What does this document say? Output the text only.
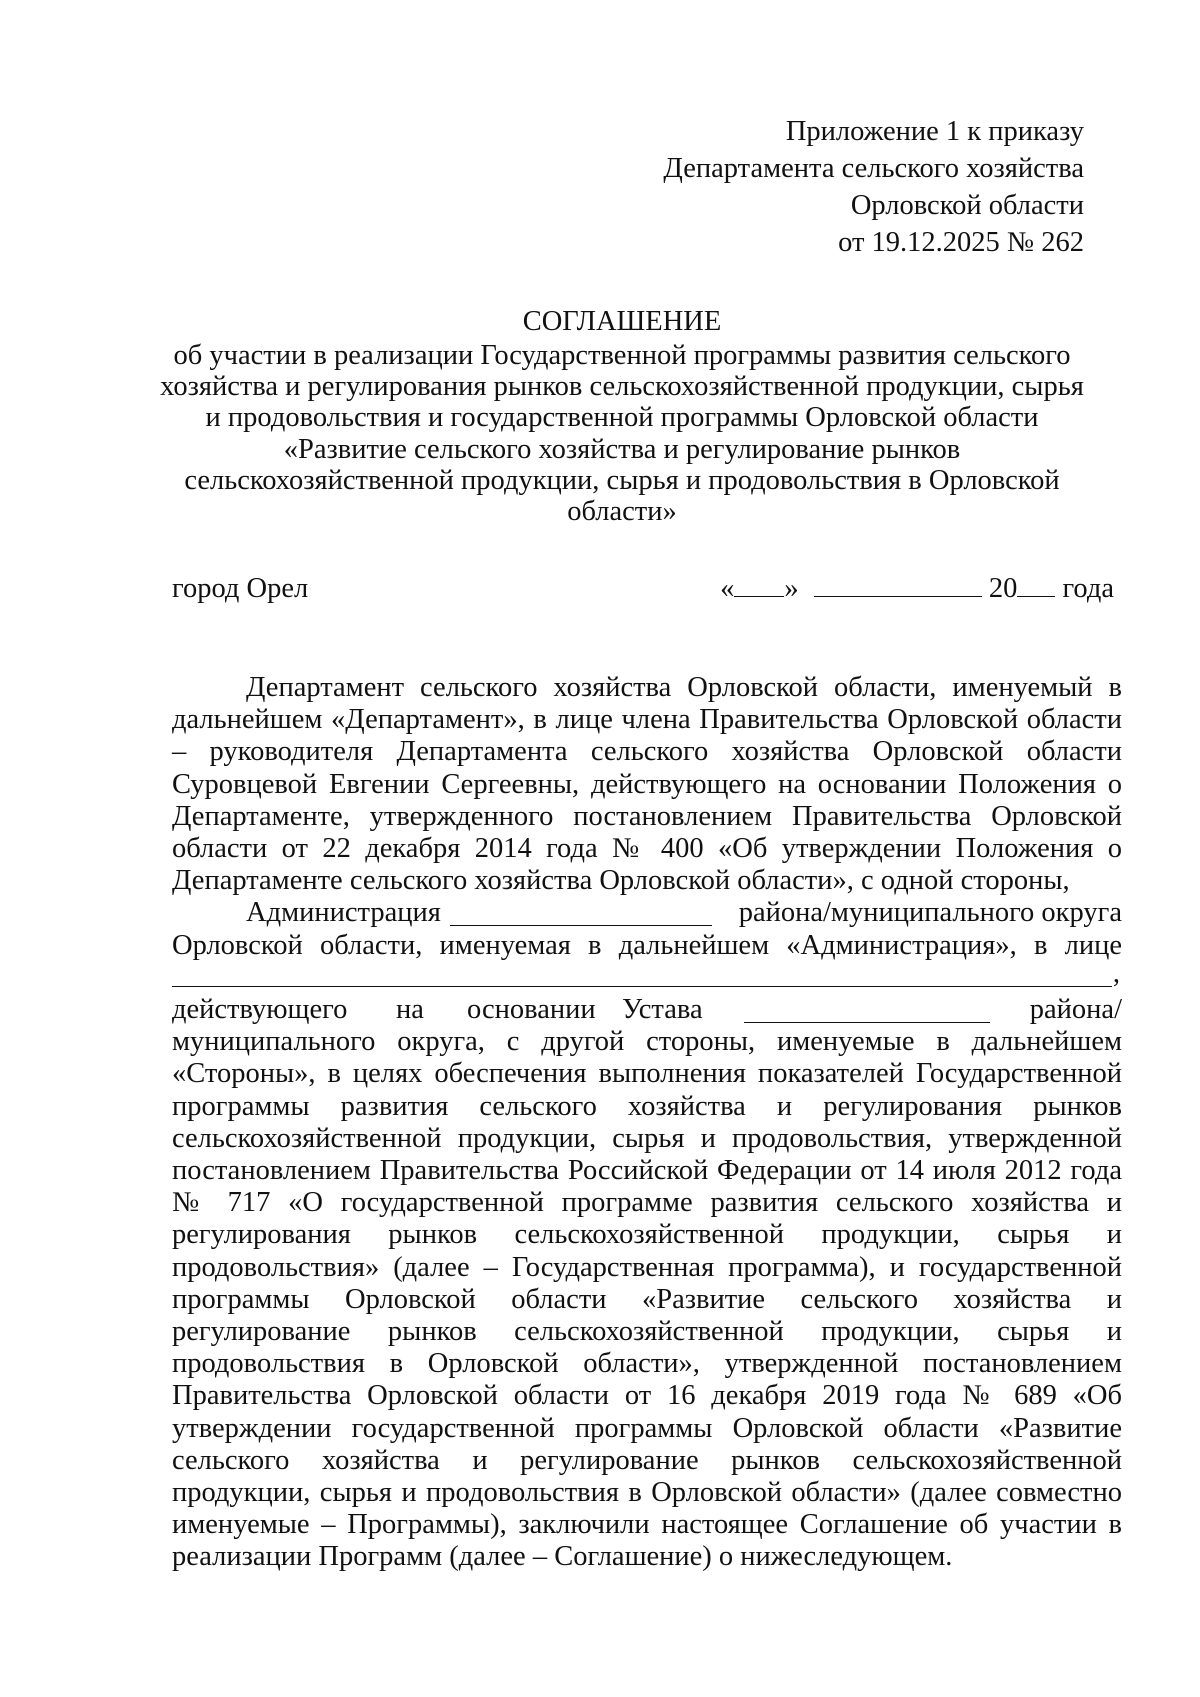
Приложение 1 к приказу
Департамента сельского хозяйства
Орловской области
от 19.12.2025 № 262
СОГЛАШЕНИЕ
об участии в реализации Государственной программы развития сельского
хозяйства и регулирования рынков сельскохозяйственной продукции, сырья
и продовольствия и государственной программы Орловской области
«Развитие сельского хозяйства и регулирование рынков
сельскохозяйственной продукции, сырья и продовольствия в Орловской
области»
город Орел	« »	20 года

Департамент сельского хозяйства Орловской области, именуемый в дальнейшем «Департамент», в лице члена Правительства Орловской области – руководителя Департамента сельского хозяйства Орловской области Суровцевой Евгении Сергеевны, действующего на основании Положения о Департаменте, утвержденного постановлением Правительства Орловской области от 22 декабря 2014 года № 400 «Об утверждении Положения о Департаменте сельского хозяйства Орловской области», с одной стороны,

Администрация	района/муниципального округа
Орловской области, именуемая в дальнейшем «Администрация», в лице
,
действующего на основании Устава	района/

муниципального округа, с другой стороны, именуемые в дальнейшем «Стороны», в целях обеспечения выполнения показателей Государственной программы развития сельского хозяйства и регулирования рынков сельскохозяйственной продукции, сырья и продовольствия, утвержденной постановлением Правительства Российской Федерации от 14 июля 2012 года № 717 «О государственной программе развития сельского хозяйства и регулирования рынков сельскохозяйственной продукции, сырья и продовольствия» (далее – Государственная программа), и государственной программы Орловской области «Развитие сельского хозяйства и регулирование рынков сельскохозяйственной продукции, сырья и продовольствия в Орловской области», утвержденной постановлением Правительства Орловской области от 16 декабря 2019 года № 689 «Об утверждении государственной программы Орловской области «Развитие сельского хозяйства и регулирование рынков сельскохозяйственной продукции, сырья и продовольствия в Орловской области» (далее совместно именуемые – Программы), заключили настоящее Соглашение об участии в реализации Программ (далее – Соглашение) о нижеследующем.
